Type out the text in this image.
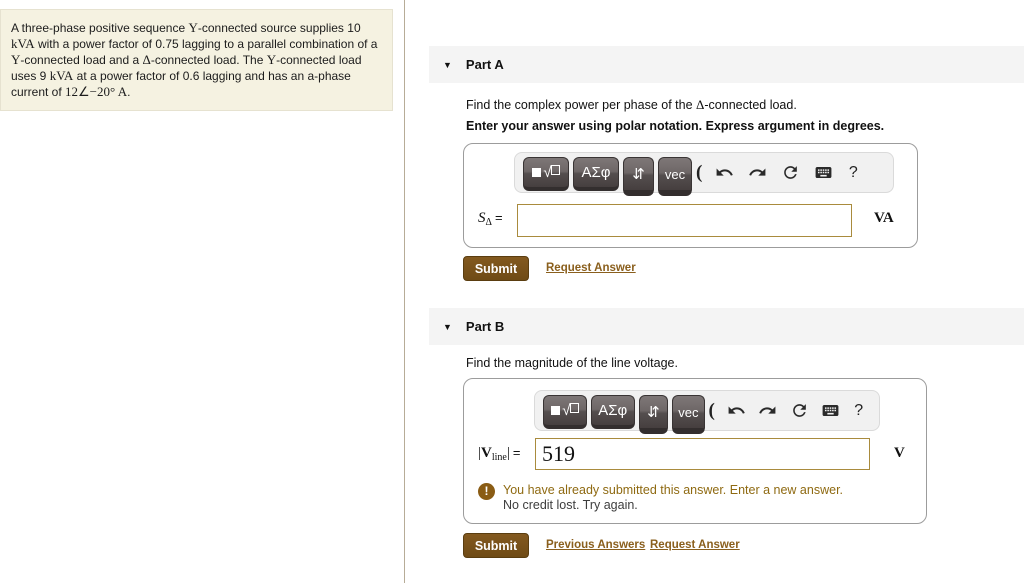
A three-phase positive sequence Y-connected source supplies 10 kVA with a power factor of 0.75 lagging to a parallel combination of a Y-connected load and a Δ-connected load. The Y-connected load uses 9 kVA at a power factor of 0.6 lagging and has an a-phase current of 12∠−20° A.
▼ Part A
Find the complex power per phase of the Δ-connected load.
Enter your answer using polar notation. Express argument in degrees.
√	ΑΣφ	⇵	vec (	?
$S_\Delta$ =	VA
Submit	Request Answer
▼ Part B
Find the magnitude of the line voltage.
√	ΑΣφ	⇵	vec (	?
$|V_{line}|$ =
519	V
!	You have already submitted this answer. Enter a new answer.
No credit lost. Try again.
Submit	Previous Answers Request Answer
